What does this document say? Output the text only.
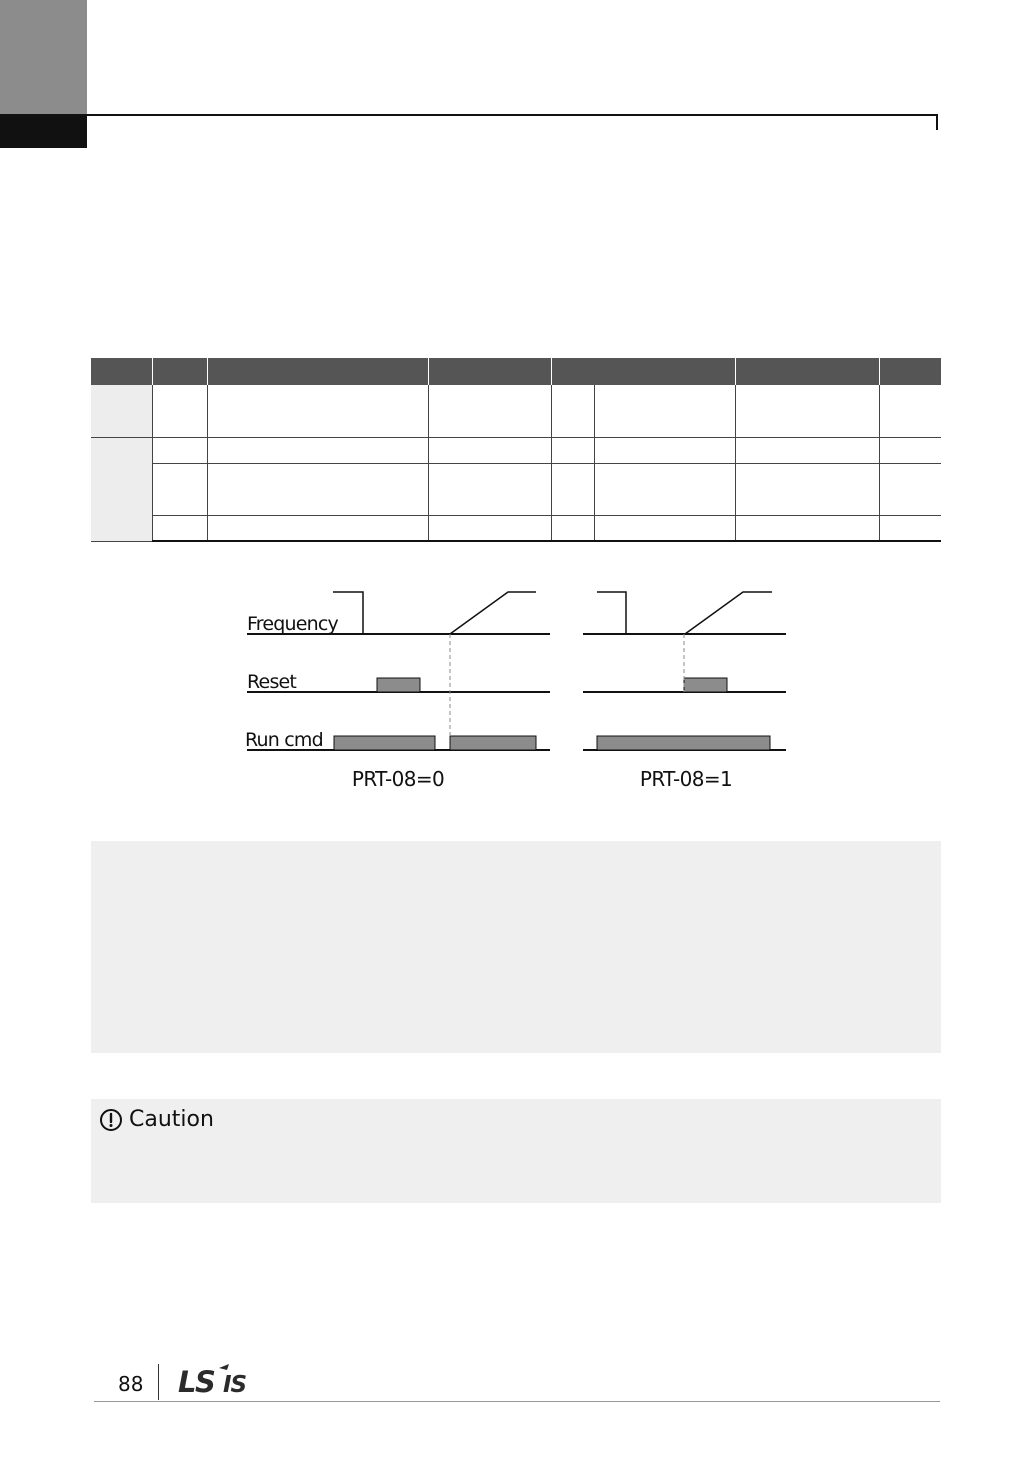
Frequency
Reset
Run cmd
PRT-08=0	PRT-08=1
Caution
88 LS IS
